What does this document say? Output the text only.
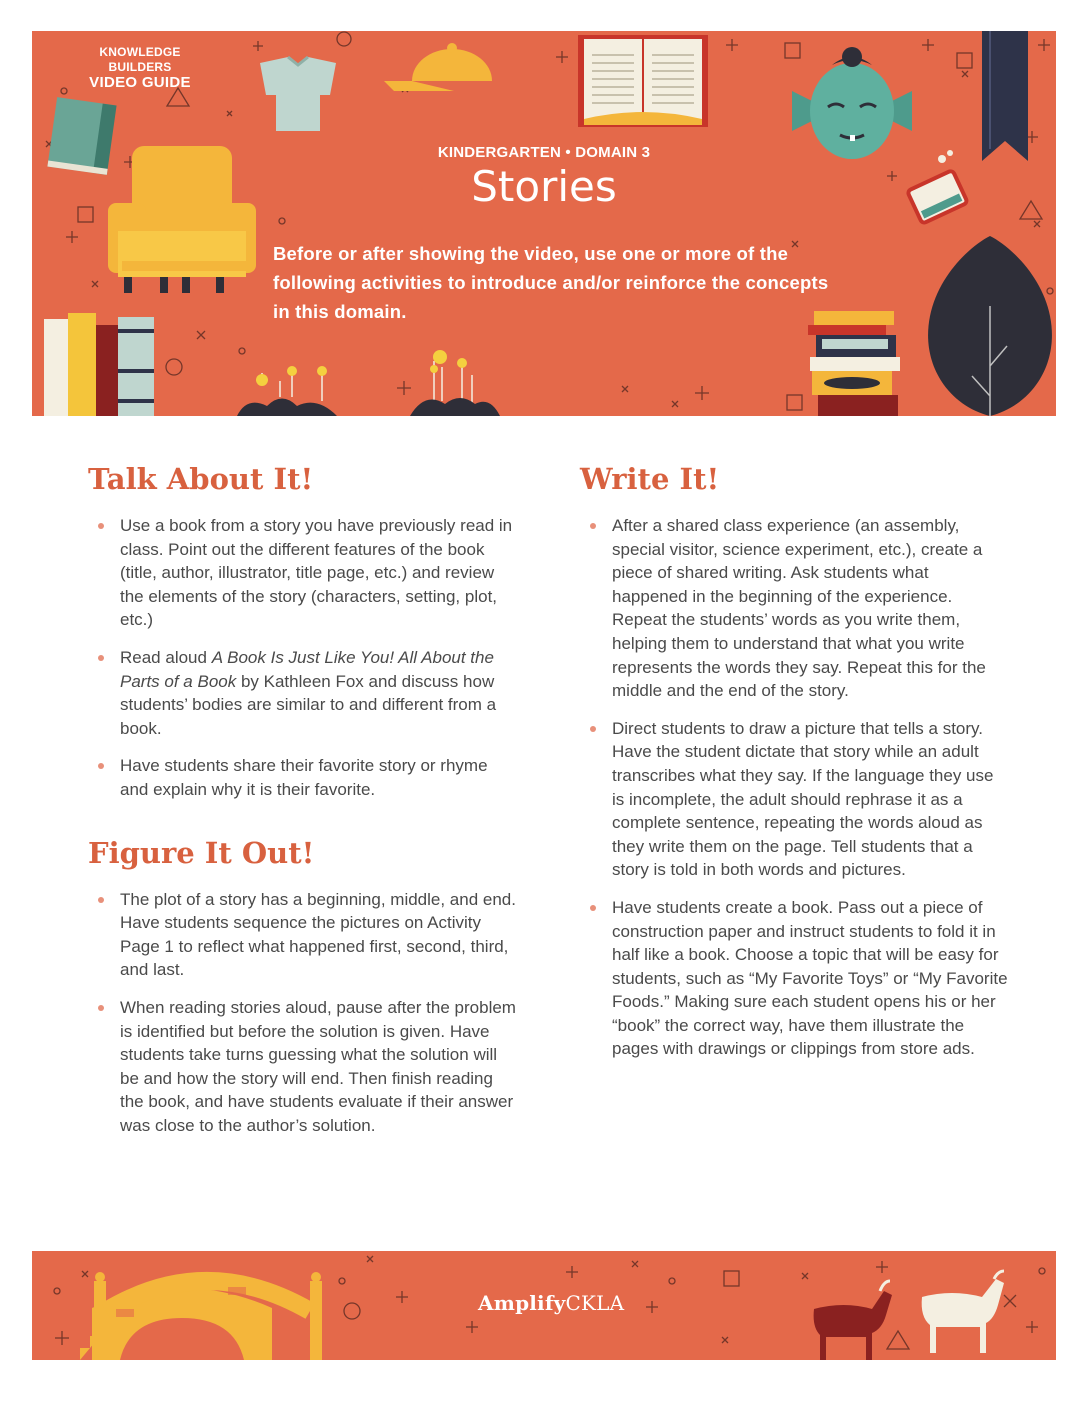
KNOWLEDGE BUILDERS
VIDEO GUIDE
KINDERGARTEN • DOMAIN 3
Stories
Before or after showing the video, use one or more of the following activities to introduce and/or reinforce the concepts in this domain.
Talk About It!
Use a book from a story you have previously read in class. Point out the different features of the book (title, author, illustrator, title page, etc.) and review the elements of the story (characters, setting, plot, etc.)
Read aloud A Book Is Just Like You! All About the Parts of a Book by Kathleen Fox and discuss how students’ bodies are similar to and different from a book.
Have students share their favorite story or rhyme and explain why it is their favorite.
Figure It Out!
The plot of a story has a beginning, middle, and end. Have students sequence the pictures on Activity Page 1 to reflect what happened first, second, third, and last.
When reading stories aloud, pause after the problem is identified but before the solution is given. Have students take turns guessing what the solution will be and how the story will end. Then finish reading the book, and have students evaluate if their answer was close to the author’s solution.
Write It!
After a shared class experience (an assembly, special visitor, science experiment, etc.), create a piece of shared writing. Ask students what happened in the beginning of the experience. Repeat the students’ words as you write them, helping them to understand that what you write represents the words they say. Repeat this for the middle and the end of the story.
Direct students to draw a picture that tells a story. Have the student dictate that story while an adult transcribes what they say. If the language they use is incomplete, the adult should rephrase it as a complete sentence, repeating the words aloud as they write them on the page. Tell students that a story is told in both words and pictures.
Have students create a book. Pass out a piece of construction paper and instruct students to fold it in half like a book. Choose a topic that will be easy for students, such as “My Favorite Toys” or “My Favorite Foods.” Making sure each student opens his or her “book” the correct way, have them illustrate the pages with drawings or clippings from store ads.
AmplifyCKLA
